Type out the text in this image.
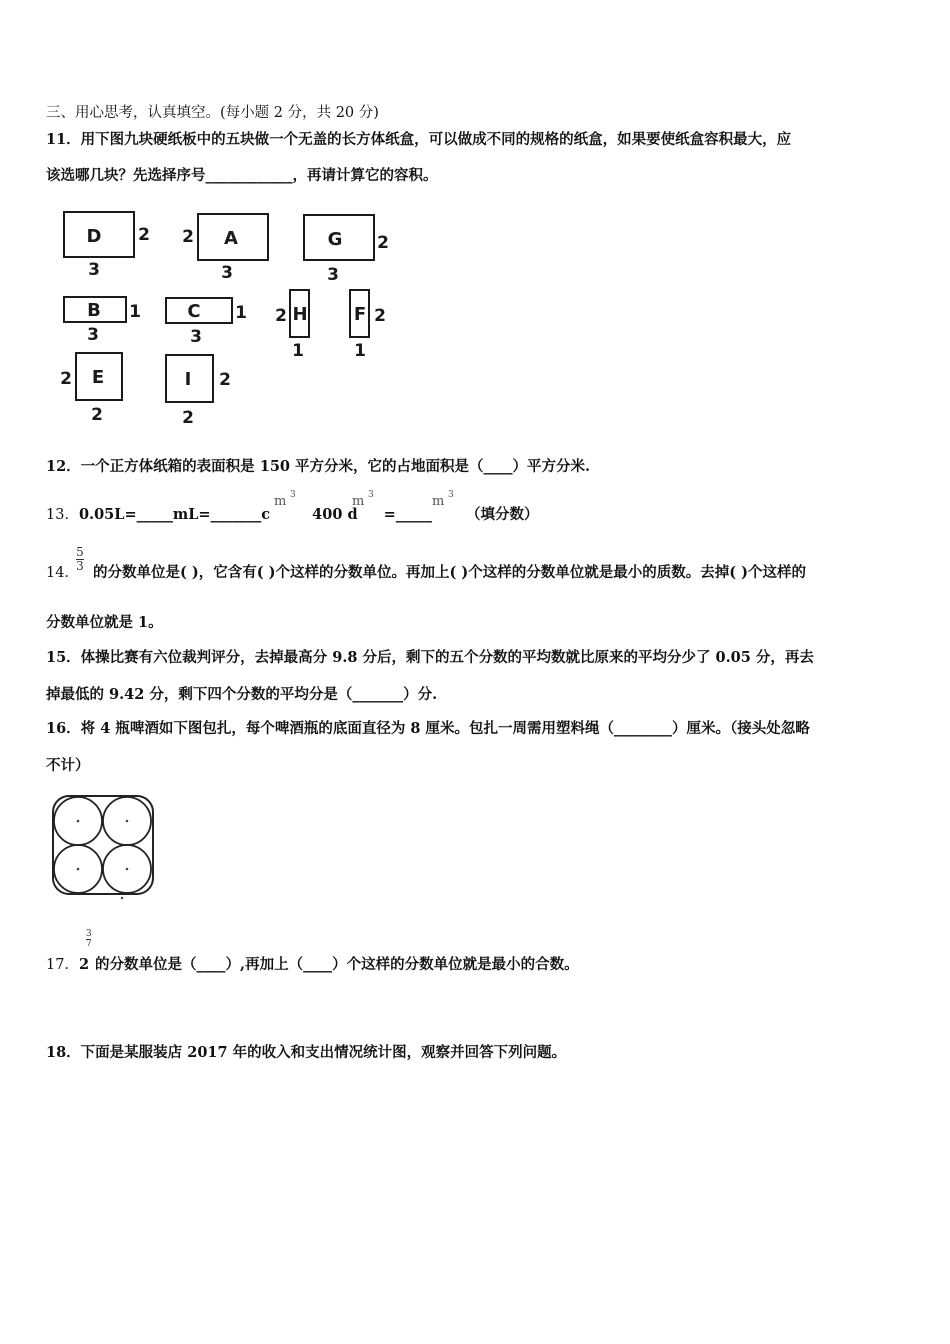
三、用心思考，认真填空。(每小题 2 分，共 20 分)
11．用下图九块硬纸板中的五块做一个无盖的长方体纸盒，可以做成不同的规格的纸盒，如果要使纸盒容积最大，应
该选哪几块？先选择序号____________，再请计算它的容积。
D	A	G
B	C	H	F
E	I
3
2
3
2
3
2
3
1
3
1
1
2
1
2
2
2
2
2
12．一个正方体纸箱的表面积是 150 平方分米，它的占地面积是（____）平方分米.
13．0.05L=_____mL=_______c	400 d =_____ （填分数）
m 3	m 3	m 3
5
3
14． 的分数单位是( )，它含有( )个这样的分数单位。再加上( )个这样的分数单位就是最小的质数。去掉( )个这样的
分数单位就是 1。
15．体操比赛有六位裁判评分，去掉最高分 9.8 分后，剩下的五个分数的平均数就比原来的平均分少了 0.05 分，再去
掉最低的 9.42 分，剩下四个分数的平均分是（_______）分.
16．将 4 瓶啤酒如下图包扎，每个啤酒瓶的底面直径为 8 厘米。包扎一周需用塑料绳（________）厘米。（接头处忽略
不计）
3
7
17．2 的分数单位是（____）,再加上（____）个这样的分数单位就是最小的合数。
18．下面是某服装店 2017 年的收入和支出情况统计图，观察并回答下列问题。
